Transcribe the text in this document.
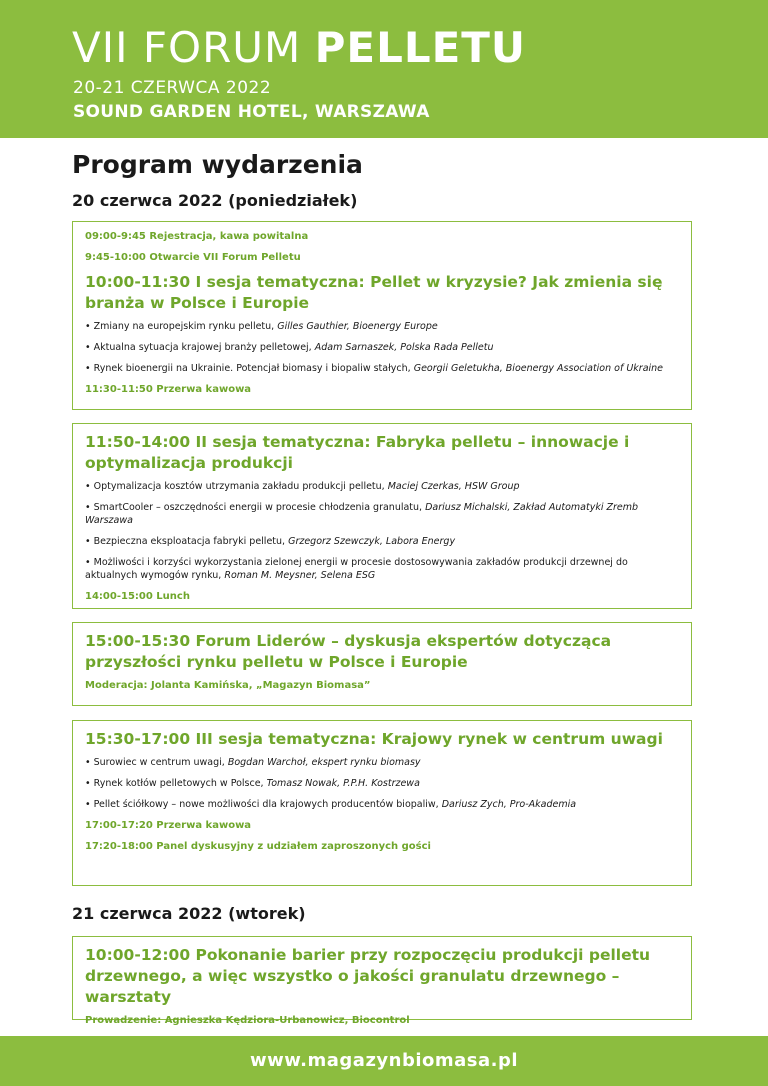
VII FORUM PELLETU
20-21 CZERWCA 2022
SOUND GARDEN HOTEL, WARSZAWA
Program wydarzenia
20 czerwca 2022 (poniedziałek)

09:00-9:45 Rejestracja, kawa powitalna

9:45-10:00 Otwarcie VII Forum Pelletu

10:00-11:30 I sesja tematyczna: Pellet w kryzysie? Jak zmienia się branża w Polsce i Europie

• Zmiany na europejskim rynku pelletu, Gilles Gauthier, Bioenergy Europe

• Aktualna sytuacja krajowej branży pelletowej, Adam Sarnaszek, Polska Rada Pelletu

• Rynek bioenergii na Ukrainie. Potencjał biomasy i biopaliw stałych, Georgii Geletukha, Bioenergy Association of Ukraine

11:30-11:50 Przerwa kawowa

11:50-14:00 II sesja tematyczna: Fabryka pelletu – innowacje i optymalizacja produkcji

• Optymalizacja kosztów utrzymania zakładu produkcji pelletu, Maciej Czerkas, HSW Group

• SmartCooler – oszczędności energii w procesie chłodzenia granulatu, Dariusz Michalski, Zakład Automatyki Zremb Warszawa

• Bezpieczna eksploatacja fabryki pelletu, Grzegorz Szewczyk, Labora Energy

• Możliwości i korzyści wykorzystania zielonej energii w procesie dostosowywania zakładów produkcji drzewnej do aktualnych wymogów rynku, Roman M. Meysner, Selena ESG

14:00-15:00 Lunch

15:00-15:30 Forum Liderów – dyskusja ekspertów dotycząca przyszłości rynku pelletu w Polsce i Europie

Moderacja: Jolanta Kamińska, „Magazyn Biomasa”

15:30-17:00 III sesja tematyczna: Krajowy rynek w centrum uwagi

• Surowiec w centrum uwagi, Bogdan Warchoł, ekspert rynku biomasy

• Rynek kotłów pelletowych w Polsce, Tomasz Nowak, P.P.H. Kostrzewa

• Pellet ściółkowy – nowe możliwości dla krajowych producentów biopaliw, Dariusz Zych, Pro-Akademia

17:00-17:20 Przerwa kawowa

17:20-18:00 Panel dyskusyjny z udziałem zaproszonych gości

21 czerwca 2022 (wtorek)

10:00-12:00 Pokonanie barier przy rozpoczęciu produkcji pelletu drzewnego, a więc wszystko o jakości granulatu drzewnego – warsztaty

Prowadzenie: Agnieszka Kędziora-Urbanowicz, Biocontrol

www.magazynbiomasa.pl
